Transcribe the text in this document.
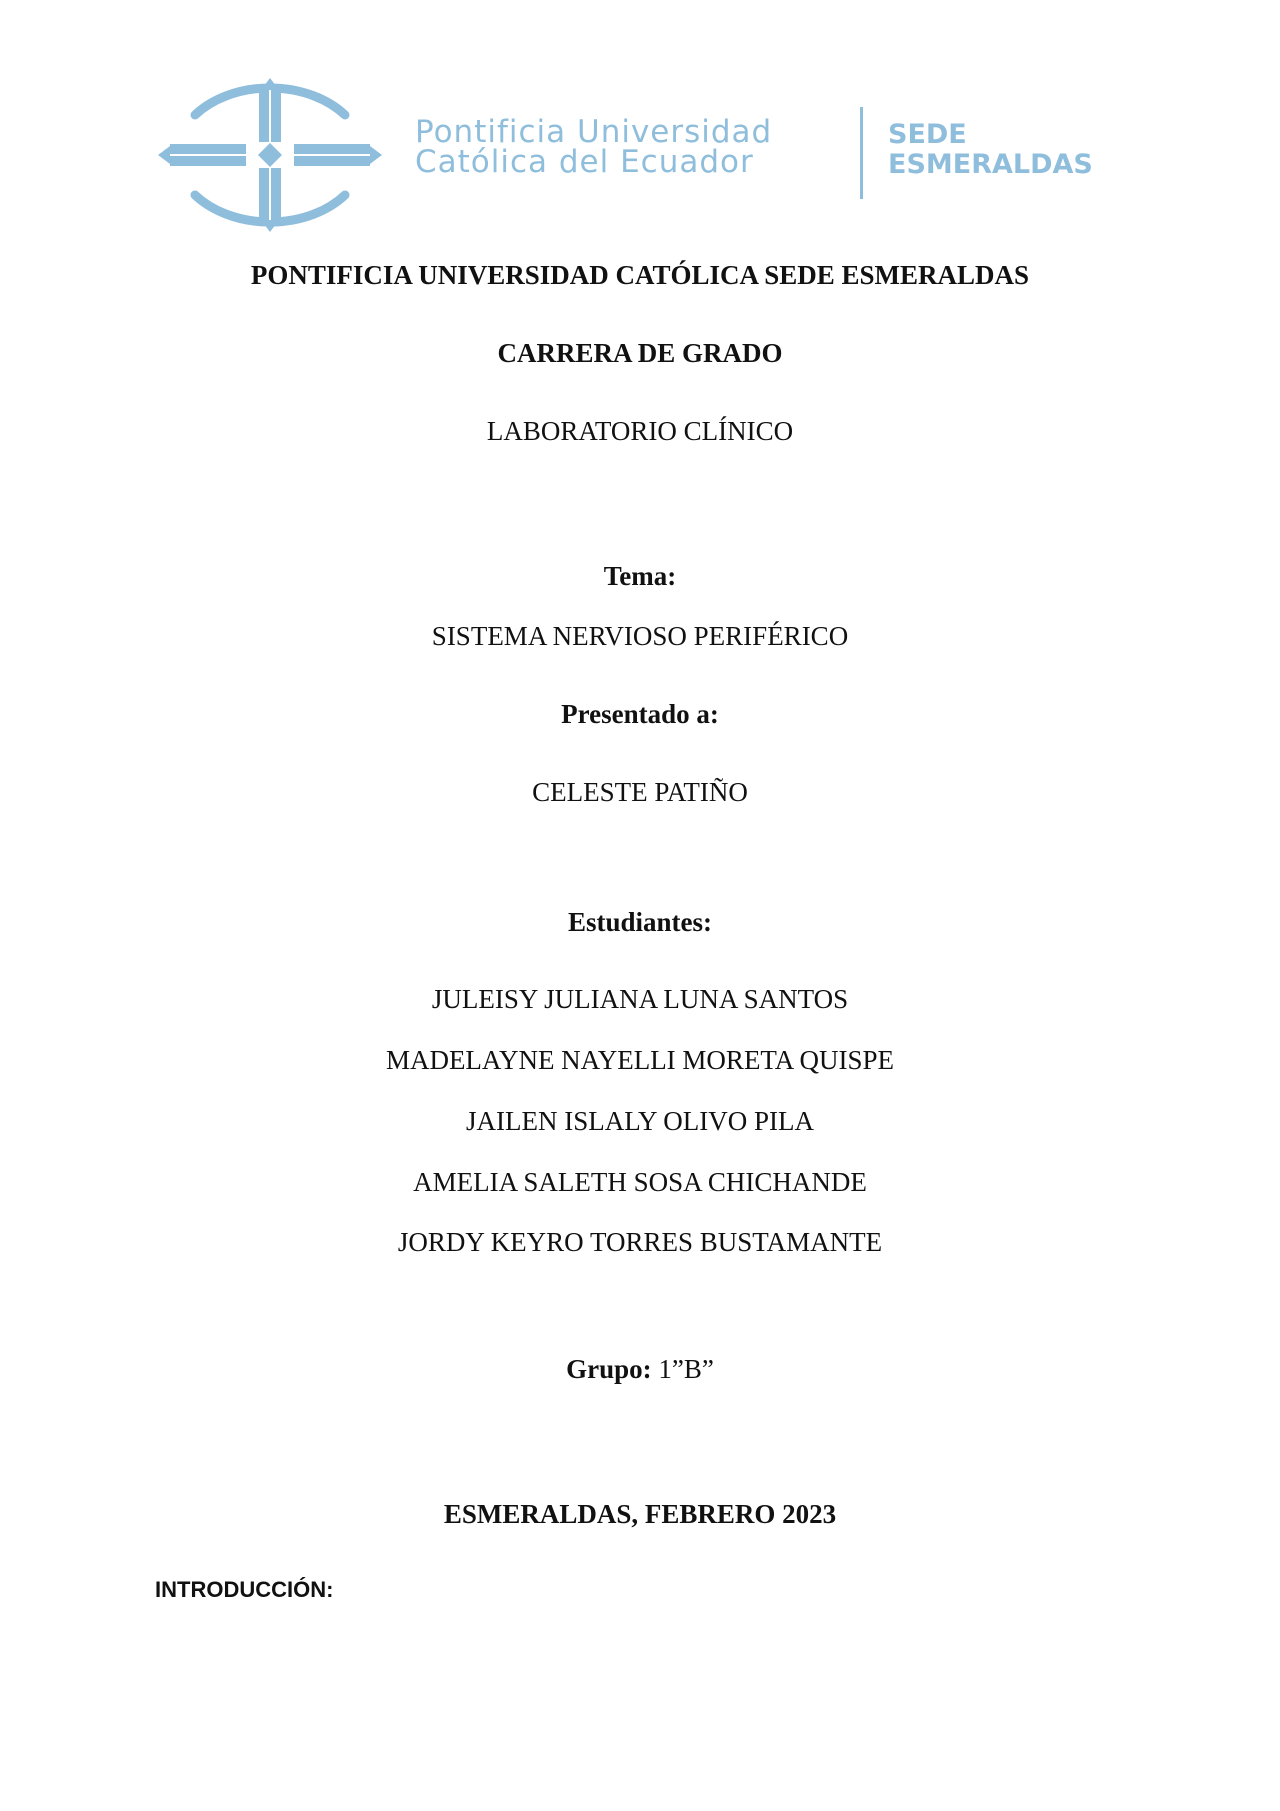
Pontificia Universidad
Católica del Ecuador
SEDE
ESMERALDAS
PONTIFICIA UNIVERSIDAD CATÓLICA SEDE ESMERALDAS
CARRERA DE GRADO
LABORATORIO CLÍNICO
Tema:
SISTEMA NERVIOSO PERIFÉRICO
Presentado a:
CELESTE PATIÑO
Estudiantes:
JULEISY JULIANA LUNA SANTOS
MADELAYNE NAYELLI MORETA QUISPE
JAILEN ISLALY OLIVO PILA
AMELIA SALETH SOSA CHICHANDE
JORDY KEYRO TORRES BUSTAMANTE
Grupo: 1”B”
ESMERALDAS, FEBRERO 2023
INTRODUCCIÓN:
